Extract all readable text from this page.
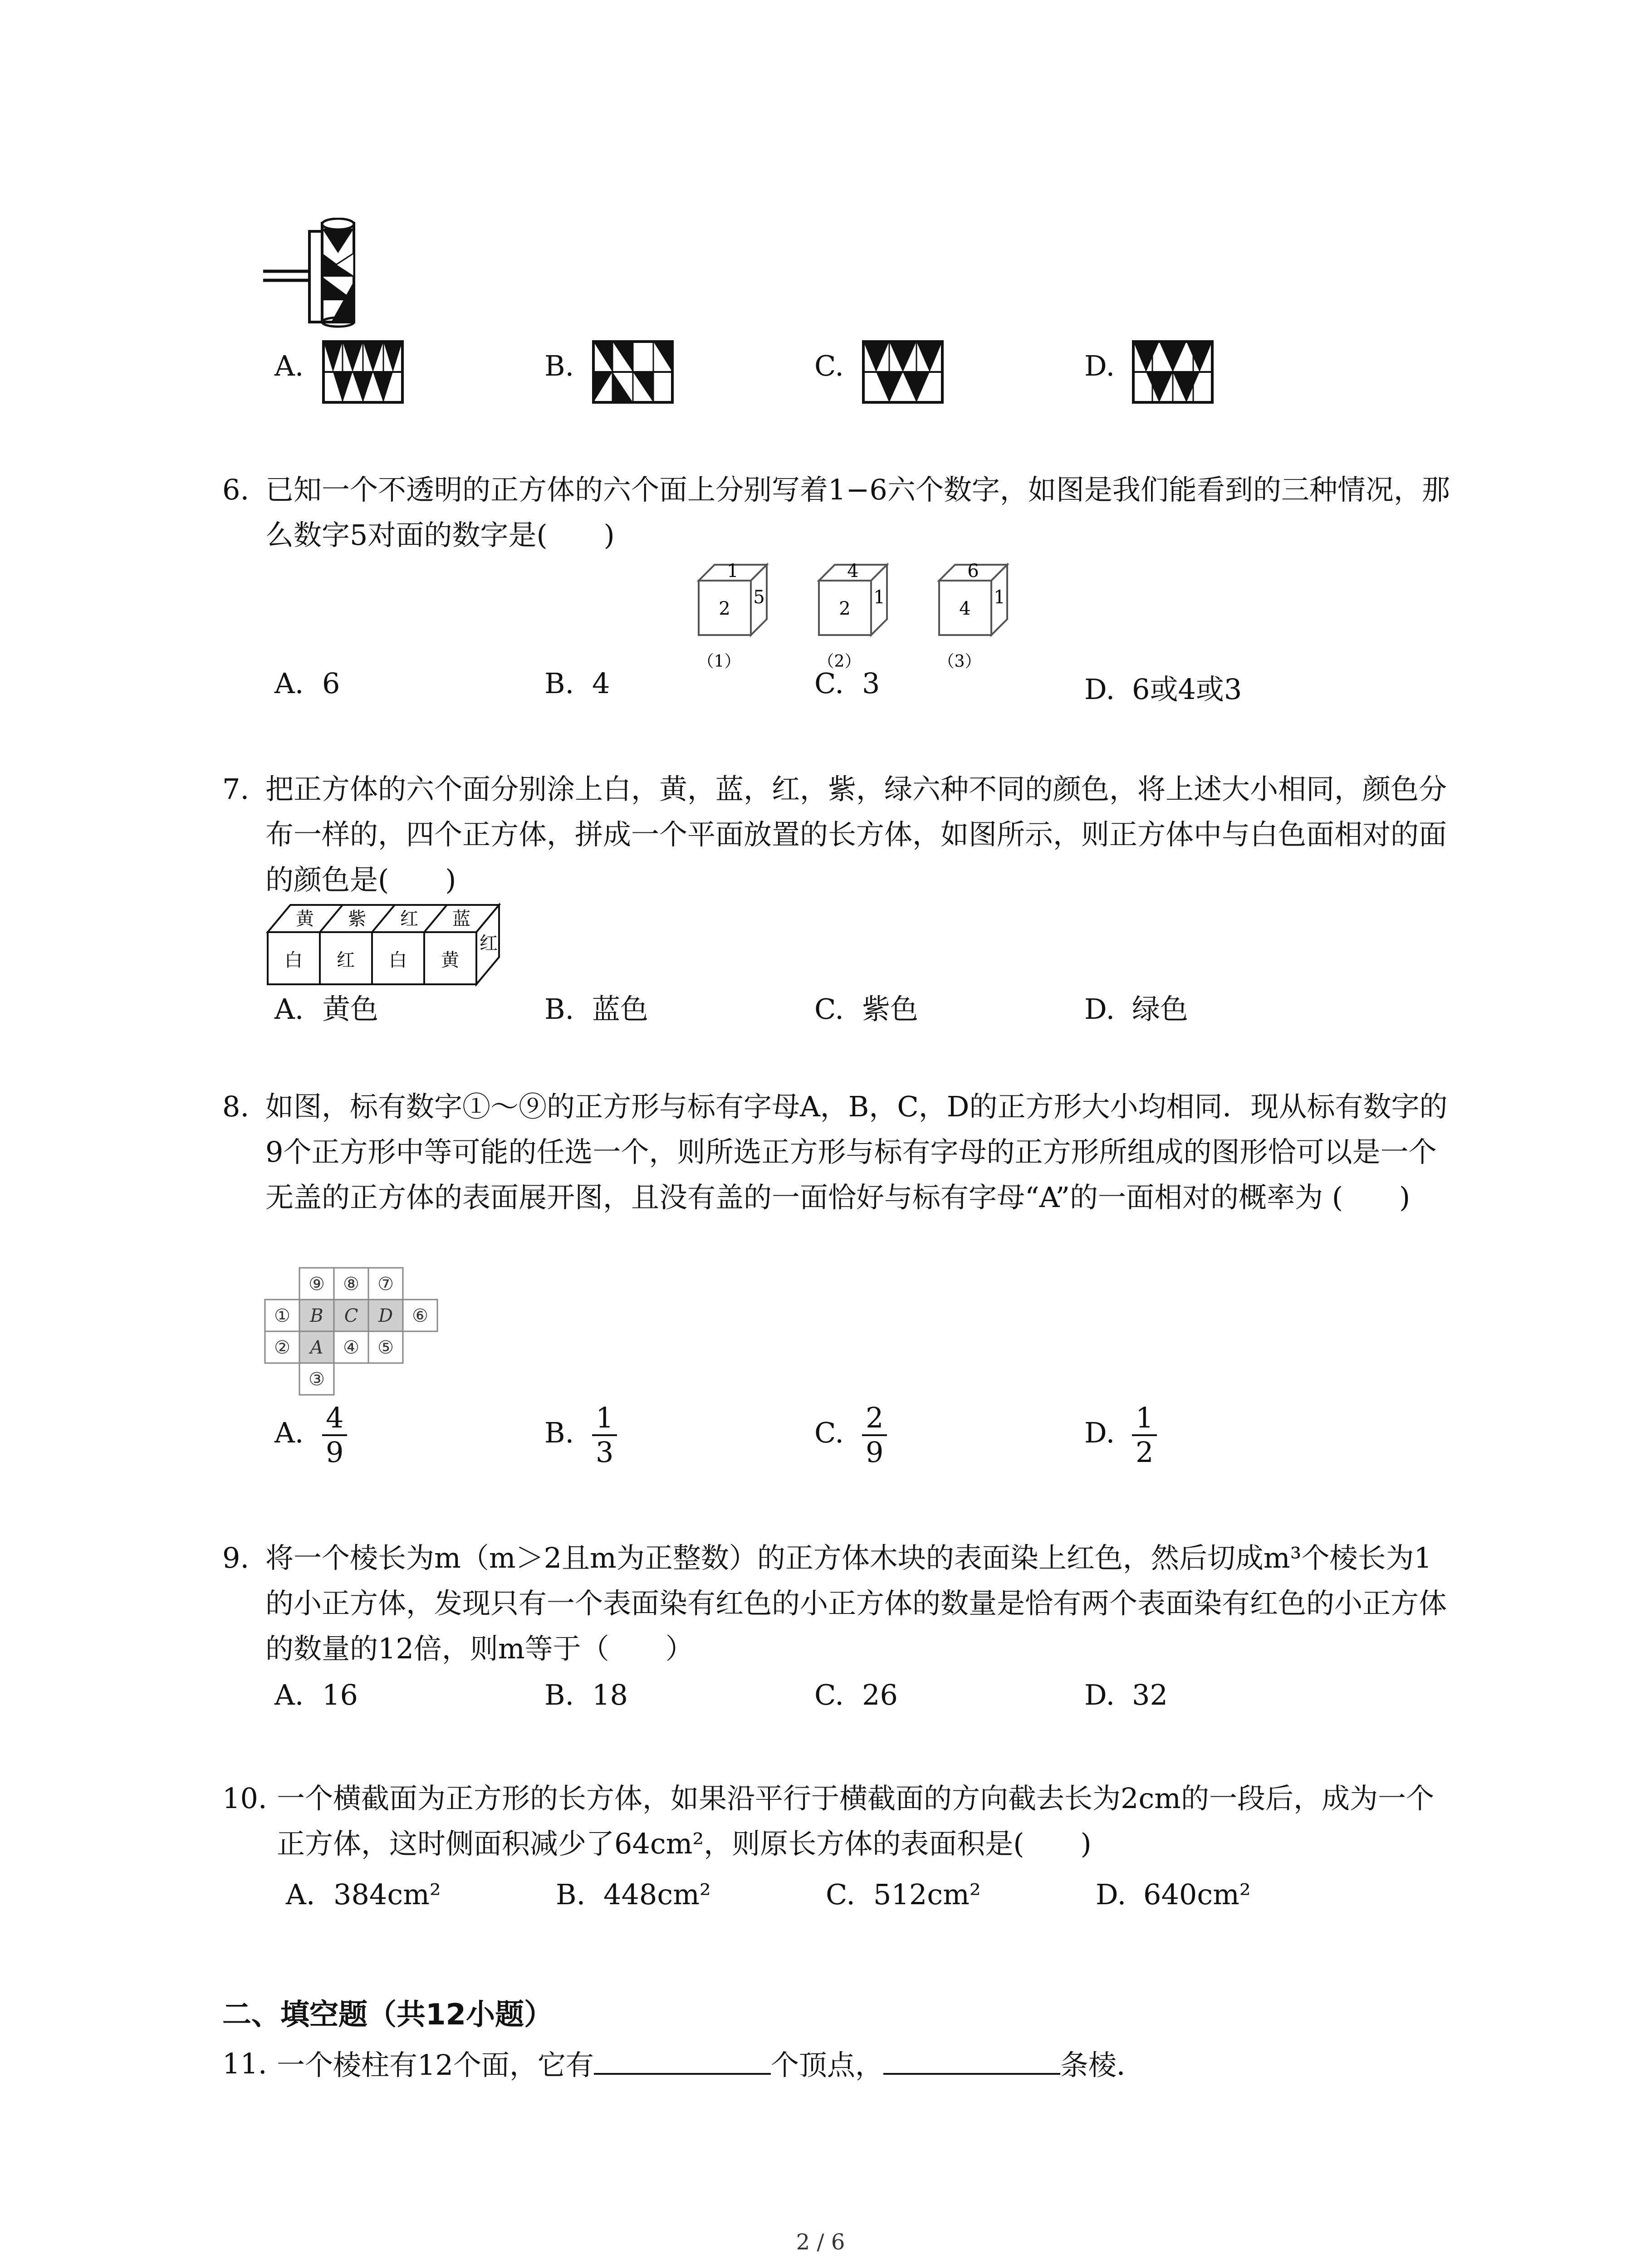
A.	B.	C.	D.
6. 已知一个不透明的正方体的六个面上分别写着1−6六个数字，如图是我们能看到的三种情况，那么数字5对面的数字是(　　)
1
2
5
（1）
4
2
1
（2）
6
4
1
（3）
A. 6	B. 4	C. 3	D. 6或4或3
7. 把正方体的六个面分别涂上白，黄，蓝，红，紫，绿六种不同的颜色，将上述大小相同，颜色分布一样的，四个正方体，拼成一个平面放置的长方体，如图所示，则正方体中与白色面相对的面的颜色是(　　)
黄 紫 红 蓝
白 红 白 黄
红
A. 黄色	B. 蓝色	C. 紫色	D. 绿色
8. 如图，标有数字①～⑨的正方形与标有字母A，B，C，D的正方形大小均相同．现从标有数字的9个正方形中等可能的任选一个，则所选正方形与标有字母的正方形所组成的图形恰可以是一个无盖的正方体的表面展开图，且没有盖的一面恰好与标有字母“A”的一面相对的概率为 (　　)
⑨ ⑧ ⑦
① B C D ⑥
② A ④ ⑤
③
A. $\frac{4}{9}$	B. $\frac{1}{3}$	C. $\frac{2}{9}$	D. $\frac{1}{2}$
9. 将一个棱长为m（m＞2且m为正整数）的正方体木块的表面染上红色，然后切成m³个棱长为1的小正方体，发现只有一个表面染有红色的小正方体的数量是恰有两个表面染有红色的小正方体的数量的12倍，则m等于（　　）
A. 16	B. 18	C. 26	D. 32
10. 一个横截面为正方形的长方体，如果沿平行于横截面的方向截去长为2cm的一段后，成为一个正方体，这时侧面积减少了64cm²，则原长方体的表面积是(　　)
A. 384cm²	B. 448cm²	C. 512cm²	D. 640cm²
二、填空题（共12小题）
11. 一个棱柱有12个面，它有	个顶点，	条棱．
2 / 6
